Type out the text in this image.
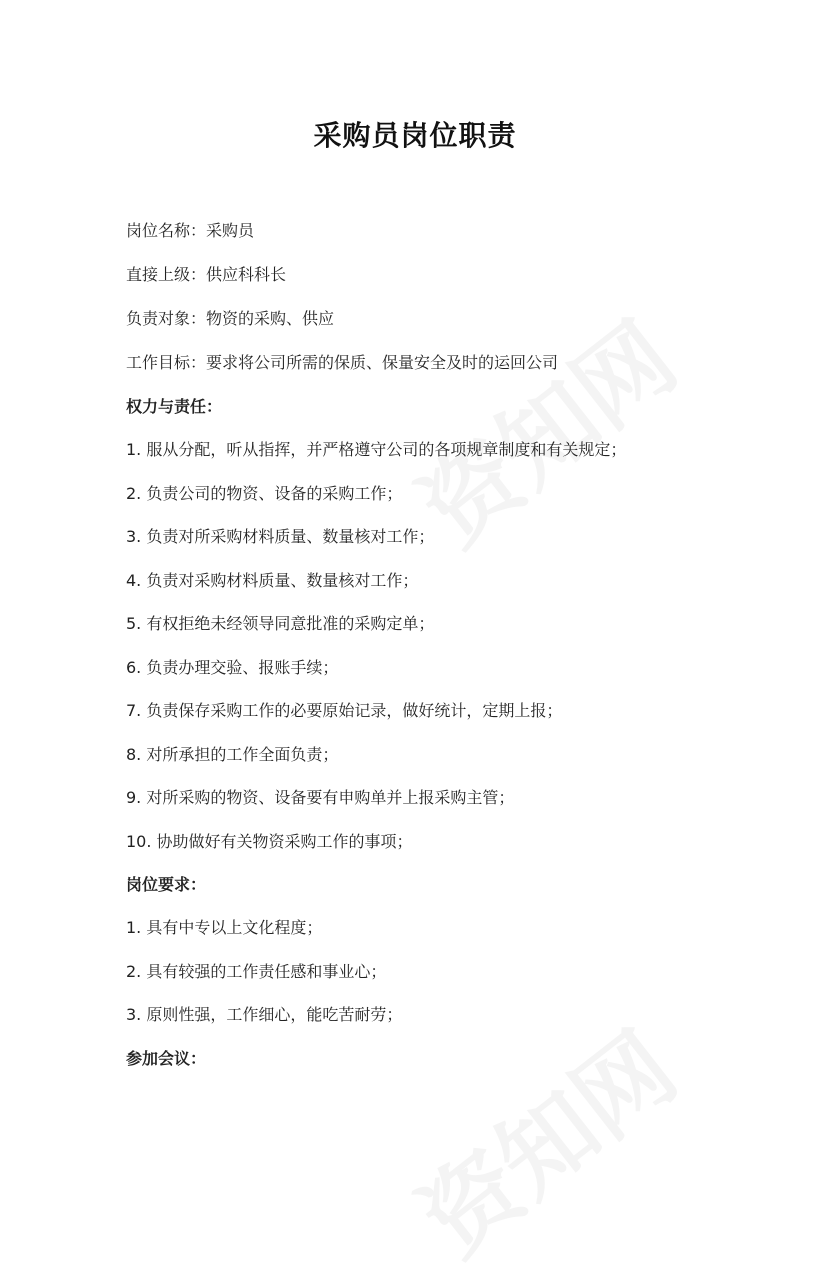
采购员岗位职责
岗位名称：采购员
直接上级：供应科科长
负责对象：物资的采购、供应
工作目标：要求将公司所需的保质、保量安全及时的运回公司
权力与责任：
1. 服从分配，听从指挥，并严格遵守公司的各项规章制度和有关规定；
2. 负责公司的物资、设备的采购工作；
3. 负责对所采购材料质量、数量核对工作；
4. 负责对采购材料质量、数量核对工作；
5. 有权拒绝未经领导同意批准的采购定单；
6. 负责办理交验、报账手续；
7. 负责保存采购工作的必要原始记录，做好统计，定期上报；
8. 对所承担的工作全面负责；
9. 对所采购的物资、设备要有申购单并上报采购主管；
10. 协助做好有关物资采购工作的事项；
岗位要求：
1. 具有中专以上文化程度；
2. 具有较强的工作责任感和事业心；
3. 原则性强，工作细心，能吃苦耐劳；
参加会议：
